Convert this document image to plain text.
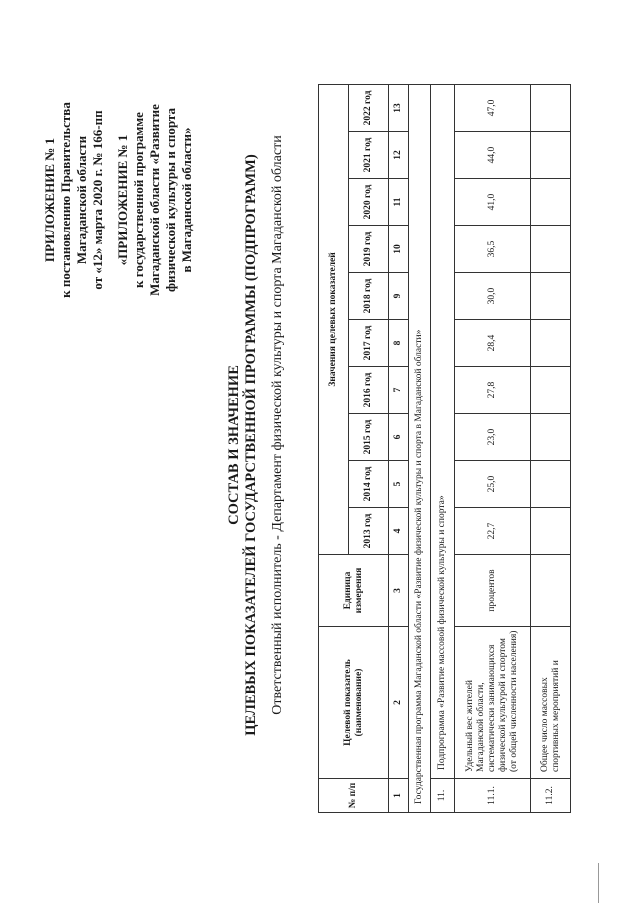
ПРИЛОЖЕНИЕ № 1 к постановлению Правительства Магаданской области от «12» марта 2020 г. № 166-пп «ПРИЛОЖЕНИЕ № 1 к государственной программе Магаданской области «Развитие физической культуры и спорта в Магаданской области»
СОСТАВ И ЗНАЧЕНИЕ ЦЕЛЕВЫХ ПОКАЗАТЕЛЕЙ ГОСУДАРСТВЕННОЙ ПРОГРАММЫ (ПОДПРОГРАММ) Ответственный исполнитель - Департамент физической культуры и спорта Магаданской области
№ п/п	Целевой показатель (наименование)	Единица измерения	Значения целевых показателей									
			2013 год	2014 год	2015 год	2016 год	2017 год	2018 год	2019 год	2020 год	2021 год	2022 год
1	2	3	4	5	6	7	8	9	10	11	12	13
Государственная программа Магаданской области «Развитие физической культуры и спорта в Магаданской области»												
11.	Подпрограмма «Развитие массовой физической культуры и спорта»											
11.1.	Удельный вес жителей Магаданской области, систематически занимающихся физической культурой и спортом (от общей численности населения)	процентов	22,7	25,0	23,0	27,8	28,4	30,0	36,5	41,0	44,0	47,0
11.2.	Общее число массовых спортивных мероприятий и											
